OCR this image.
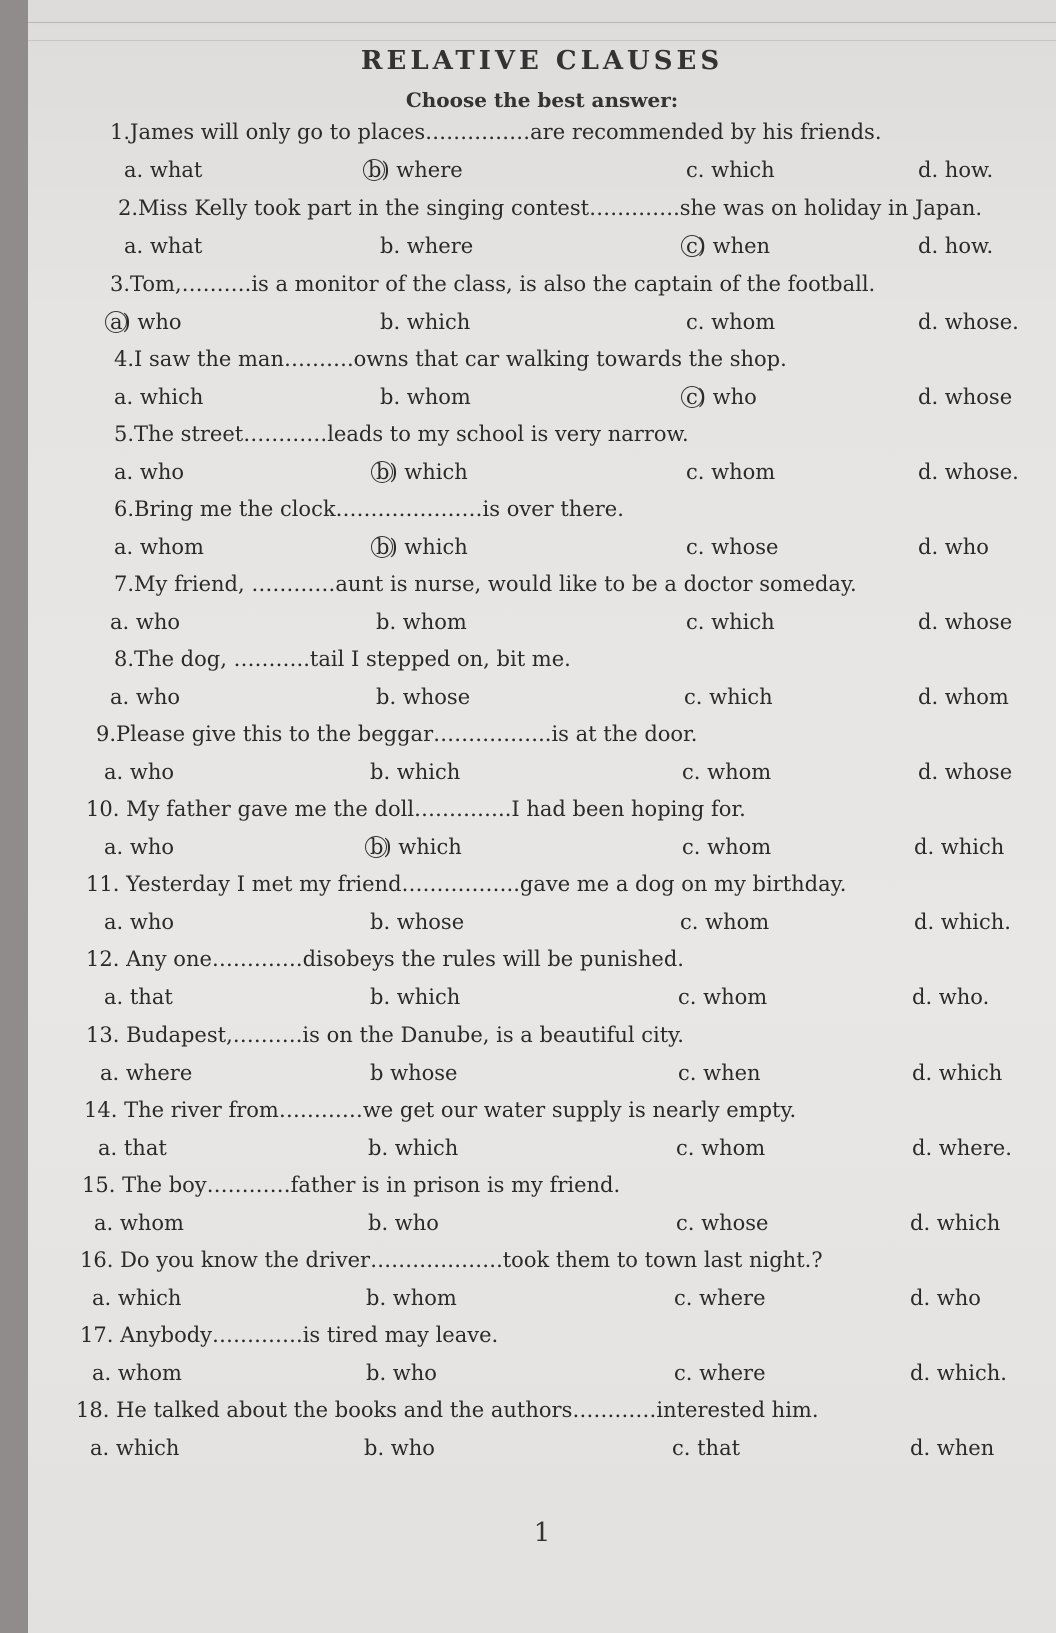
RELATIVE CLAUSES
Choose the best answer:
1.James will only go to places……………are recommended by his friends.
a. what	b) where	c. which	d. how.
2.Miss Kelly took part in the singing contest………….she was on holiday in Japan.
a. what	b. where	c) when	d. how.
3.Tom,……….is a monitor of the class, is also the captain of the football.
a) who	b. which	c. whom	d. whose.
4.I saw the man……….owns that car walking towards the shop.
a. which	b. whom	c) who	d. whose
5.The street…………leads to my school is very narrow.
a. who	b) which	c. whom	d. whose.
6.Bring me the clock…………………is over there.
a. whom	b) which	c. whose	d. who
7.My friend, …………aunt is nurse, would like to be a doctor someday.
a. who	b. whom	c. which	d. whose
8.The dog, ………..tail I stepped on, bit me.
a. who	b. whose	c. which	d. whom
9.Please give this to the beggar……………..is at the door.
a. who	b. which	c. whom	d. whose
10. My father gave me the doll…………..I had been hoping for.
a. who	b) which	c. whom	d. which
11. Yesterday I met my friend……………..gave me a dog on my birthday.
a. who	b. whose	c. whom	d. which.
12. Any one………….disobeys the rules will be punished.
a. that	b. which	c. whom	d. who.
13. Budapest,……….is on the Danube, is a beautiful city.
a. where	b whose	c. when	d. which
14. The river from…………we get our water supply is nearly empty.
a. that	b. which	c. whom	d. where.
15. The boy…………father is in prison is my friend.
a. whom	b. who	c. whose	d. which
16. Do you know the driver……………….took them to town last night.?
a. which	b. whom	c. where	d. who
17. Anybody………….is tired may leave.
a. whom	b. who	c. where	d. which.
18. He talked about the books and the authors…………interested him.
a. which	b. who	c. that	d. when
1
